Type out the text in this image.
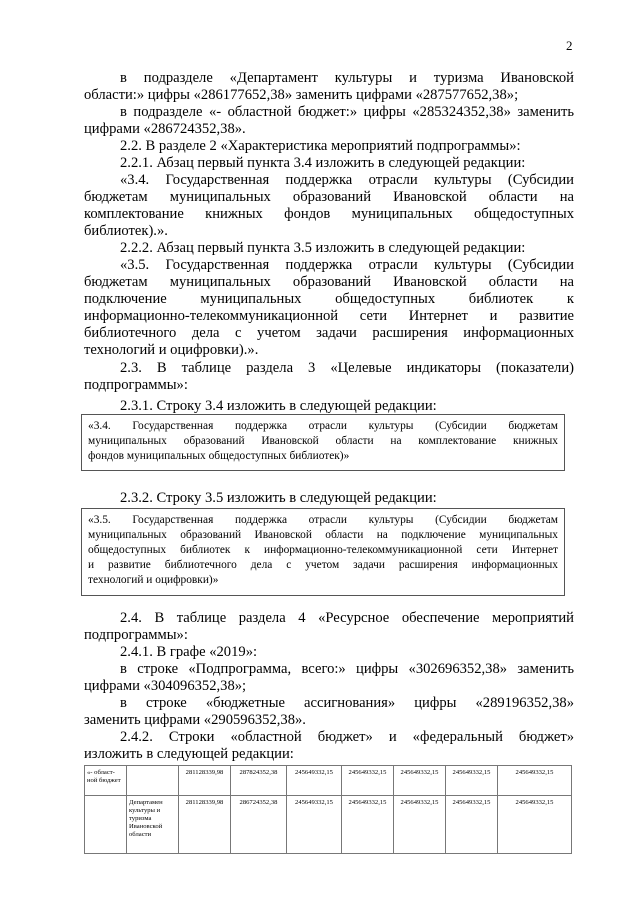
2
в подразделе «Департамент культуры и туризма Ивановской
области:» цифры «286177652,38» заменить цифрами «287577652,38»;
в подразделе «- областной бюджет:» цифры «285324352,38» заменить
цифрами «286724352,38».
2.2. В разделе 2 «Характеристика мероприятий подпрограммы»:
2.2.1. Абзац первый пункта 3.4 изложить в следующей редакции:
«3.4. Государственная поддержка отрасли культуры (Субсидии
бюджетам муниципальных образований Ивановской области на
комплектование книжных фондов муниципальных общедоступных
библиотек).».
2.2.2. Абзац первый пункта 3.5 изложить в следующей редакции:
«3.5. Государственная поддержка отрасли культуры (Субсидии
бюджетам муниципальных образований Ивановской области на
подключение муниципальных общедоступных библиотек к
информационно-телекоммуникационной сети Интернет и развитие
библиотечного дела с учетом задачи расширения информационных
технологий и оцифровки).».
2.3. В таблице раздела 3 «Целевые индикаторы (показатели)
подпрограммы»:
2.3.1. Строку 3.4 изложить в следующей редакции:
«3.4. Государственная поддержка отрасли культуры (Субсидии бюджетам
муниципальных образований Ивановской области на комплектование книжных
фондов муниципальных общедоступных библиотек)»
2.3.2. Строку 3.5 изложить в следующей редакции:
«3.5. Государственная поддержка отрасли культуры (Субсидии бюджетам
муниципальных образований Ивановской области на подключение муниципальных
общедоступных библиотек к информационно-телекоммуникационной сети Интернет
и развитие библиотечного дела с учетом задачи расширения информационных
технологий и оцифровки)»
2.4. В таблице раздела 4 «Ресурсное обеспечение мероприятий
подпрограммы»:
2.4.1. В графе «2019»:
в строке «Подпрограмма, всего:» цифры «302696352,38» заменить
цифрами «304096352,38»;
в строке «бюджетные ассигнования» цифры «289196352,38»
заменить цифрами «290596352,38».
2.4.2. Строки «областной бюджет» и «федеральный бюджет»
изложить в следующей редакции:
«- област-
ной бюджет		281128339,98	287824352,38	245649332,15	245649332,15	245649332,15	245649332,15	245649332,15
	Департамен
культуры и
туризма
Ивановской
области	281128339,98	286724352,38	245649332,15	245649332,15	245649332,15	245649332,15	245649332,15
